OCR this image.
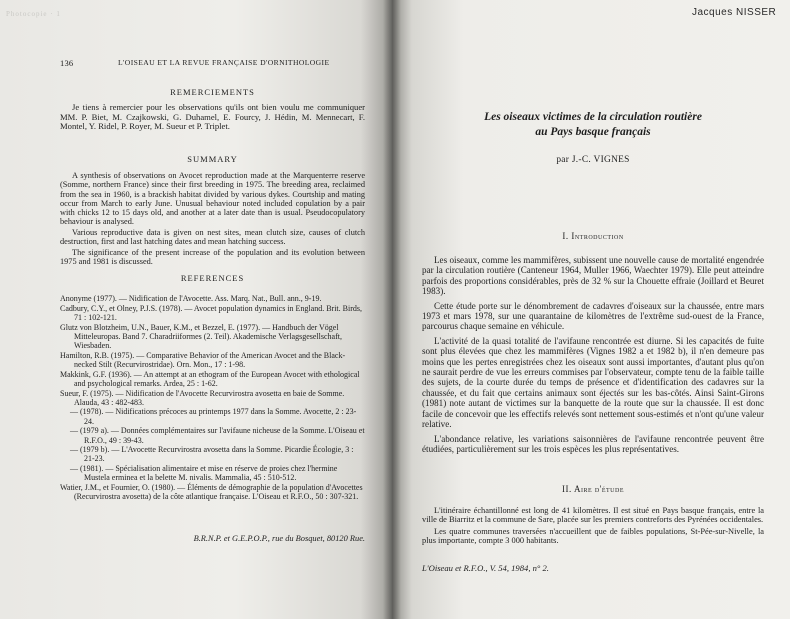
Photocopie · 1
136	L'OISEAU ET LA REVUE FRANÇAISE D'ORNITHOLOGIE
REMERCIEMENTS
Je tiens à remercier pour les observations qu'ils ont bien voulu me communiquer MM. P. Biet, M. Czajkowski, G. Duhamel, E. Fourcy, J. Hédin, M. Mennecart, F. Montel, Y. Ridel, P. Royer, M. Sueur et P. Triplet.
SUMMARY
A synthesis of observations on Avocet reproduction made at the Marquenterre reserve (Somme, northern France) since their first breeding in 1975. The breeding area, reclaimed from the sea in 1960, is a brackish habitat divided by various dykes. Courtship and mating occur from March to early June. Unusual behaviour noted included copulation by a pair with chicks 12 to 15 days old, and another at a later date than is usual. Pseudocopulatory behaviour is analysed.
Various reproductive data is given on nest sites, mean clutch size, causes of clutch destruction, first and last hatching dates and mean hatching success.
The significance of the present increase of the population and its evolution between 1975 and 1981 is discussed.
REFERENCES
Anonyme (1977). — Nidification de l'Avocette. Ass. Marq. Nat., Bull. ann., 9-19.
Cadbury, C.Y., et Olney, P.J.S. (1978). — Avocet population dynamics in England. Brit. Birds, 71 : 102-121.
Glutz von Blotzheim, U.N., Bauer, K.M., et Bezzel, E. (1977). — Handbuch der Vögel Mitteleuropas. Band 7. Charadriiformes (2. Teil). Akademische Verlagsgesellschaft, Wiesbaden.
Hamilton, R.B. (1975). — Comparative Behavior of the American Avocet and the Black-necked Stilt (Recurvirostridae). Orn. Mon., 17 : 1-98.
Makkink, G.F. (1936). — An attempt at an ethogram of the European Avocet with ethological and psychological remarks. Ardea, 25 : 1-62.
Sueur, F. (1975). — Nidification de l'Avocette Recurvirostra avosetta en baie de Somme. Alauda, 43 : 482-483.
— (1978). — Nidifications précoces au printemps 1977 dans la Somme. Avocette, 2 : 23-24.
— (1979 a). — Données complémentaires sur l'avifaune nicheuse de la Somme. L'Oiseau et R.F.O., 49 : 39-43.
— (1979 b). — L'Avocette Recurvirostra avosetta dans la Somme. Picardie Écologie, 3 : 21-23.
— (1981). — Spécialisation alimentaire et mise en réserve de proies chez l'hermine Mustela erminea et la belette M. nivalis. Mammalia, 45 : 510-512.
Watier, J.M., et Fournier, O. (1980). — Éléments de démographie de la population d'Avocettes (Recurvirostra avosetta) de la côte atlantique française. L'Oiseau et R.F.O., 50 : 307-321.
B.R.N.P. et G.E.P.O.P., rue du Bosquet, 80120 Rue.
Jacques NISSER
Les oiseaux victimes de la circulation routière
au Pays basque français
par J.-C. VIGNES
I. Introduction

Les oiseaux, comme les mammifères, subissent une nouvelle cause de mortalité engendrée par la circulation routière (Canteneur 1964, Muller 1966, Waechter 1979). Elle peut atteindre parfois des proportions considérables, près de 32 % sur la Chouette effraie (Joillard et Beuret 1983).

Cette étude porte sur le dénombrement de cadavres d'oiseaux sur la chaussée, entre mars 1973 et mars 1978, sur une quarantaine de kilomètres de l'extrême sud-ouest de la France, parcourus chaque semaine en véhicule.

L'activité de la quasi totalité de l'avifaune rencontrée est diurne. Si les capacités de fuite sont plus élevées que chez les mammifères (Vignes 1982 a et 1982 b), il n'en demeure pas moins que les pertes enregistrées chez les oiseaux sont aussi importantes, d'autant plus qu'on ne saurait perdre de vue les erreurs commises par l'observateur, compte tenu de la faible taille des sujets, de la courte durée du temps de présence et d'identification des cadavres sur la chaussée, et du fait que certains animaux sont éjectés sur les bas-côtés. Ainsi Saint-Girons (1981) note autant de victimes sur la banquette de la route que sur la chaussée. Il est donc facile de concevoir que les effectifs relevés sont nettement sous-estimés et n'ont qu'une valeur relative.

L'abondance relative, les variations saisonnières de l'avifaune rencontrée peuvent être étudiées, particulièrement sur les trois espèces les plus représentatives.

II. Aire d'étude

L'itinéraire échantillonné est long de 41 kilomètres. Il est situé en Pays basque français, entre la ville de Biarritz et la commune de Sare, placée sur les premiers contreforts des Pyrénées occidentales.

Les quatre communes traversées n'accueillent que de faibles populations, St-Pée-sur-Nivelle, la plus importante, compte 3 000 habitants.

L'Oiseau et R.F.O., V. 54, 1984, n° 2.
